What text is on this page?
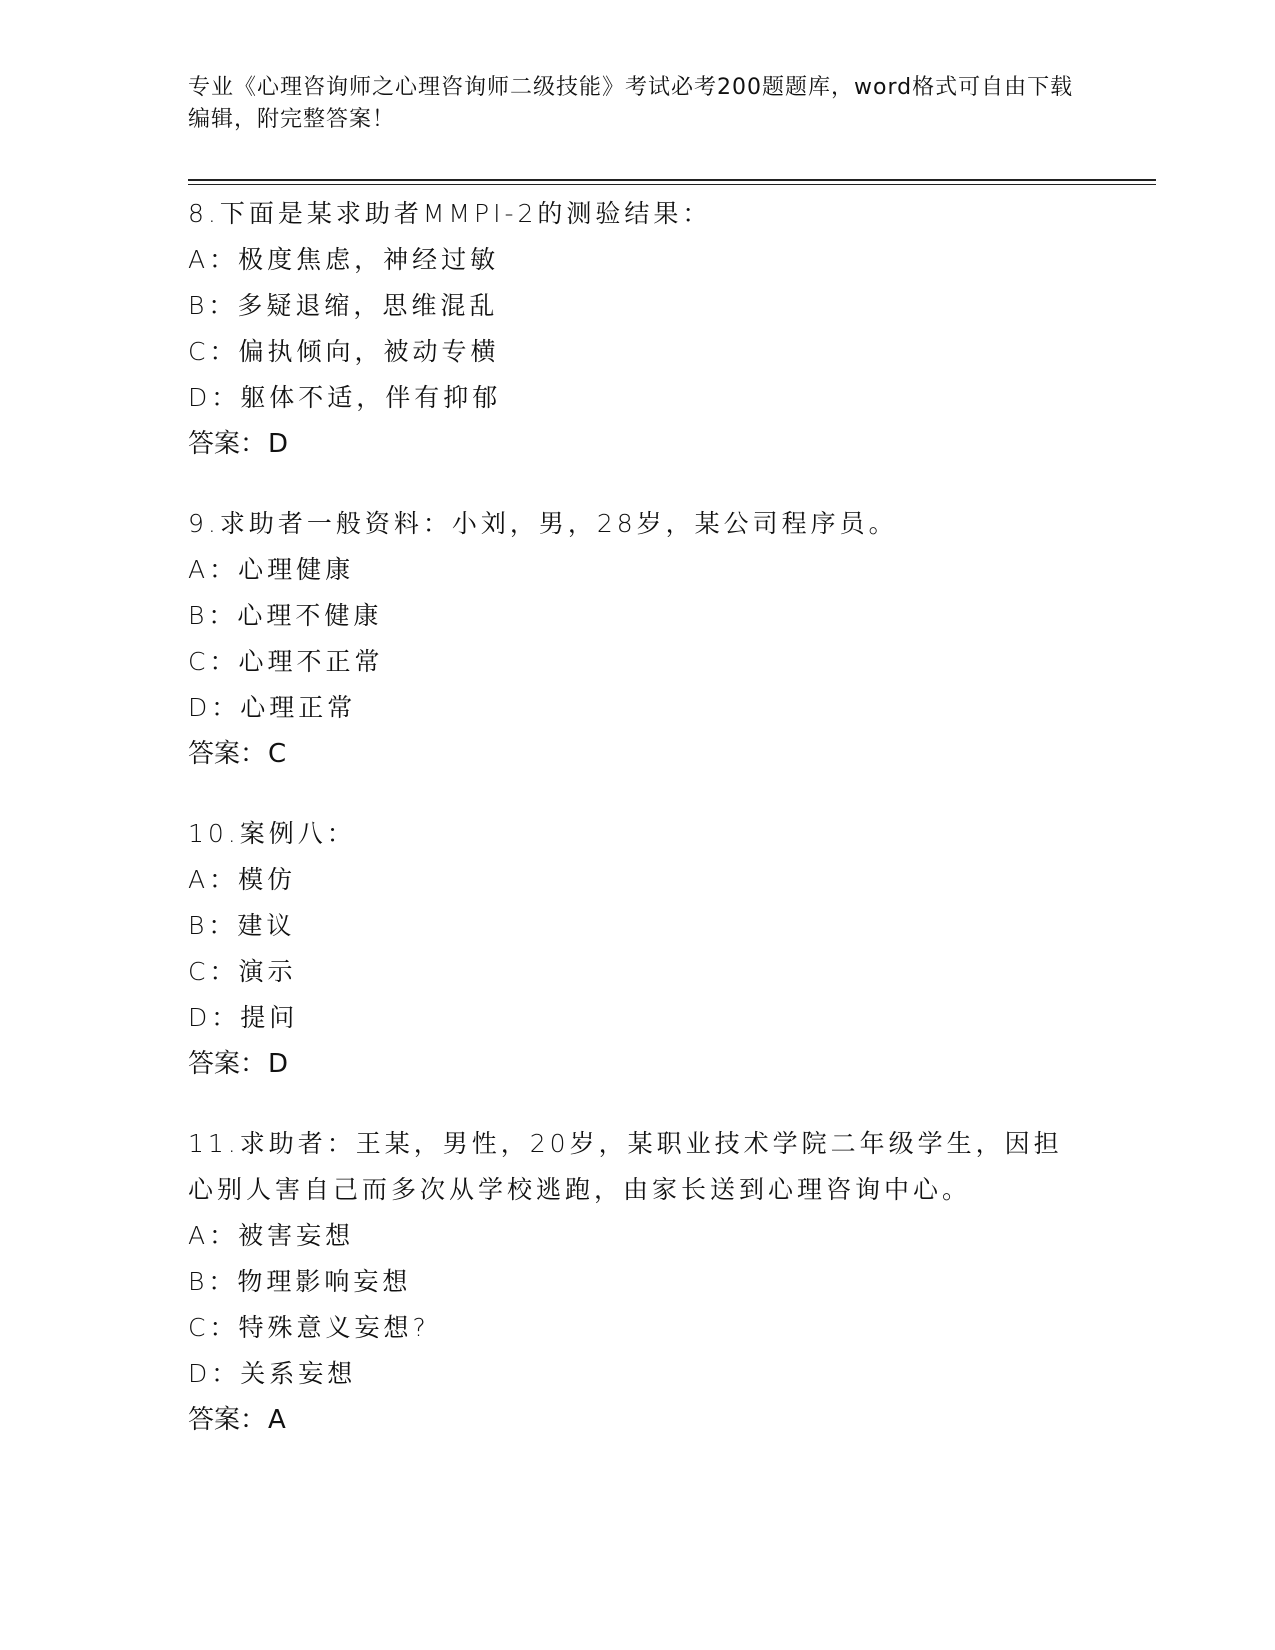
专业《心理咨询师之心理咨询师二级技能》考试必考200题题库，word格式可自由下载编辑，附完整答案！
8.下面是某求助者MMPI-2的测验结果：
A：极度焦虑，神经过敏
B：多疑退缩，思维混乱
C：偏执倾向，被动专横
D：躯体不适，伴有抑郁
答案：D
9.求助者一般资料：小刘，男，28岁，某公司程序员。
A：心理健康
B：心理不健康
C：心理不正常
D：心理正常
答案：C
10.案例八：
A：模仿
B：建议
C：演示
D：提问
答案：D
11.求助者：王某，男性，20岁，某职业技术学院二年级学生，因担心别人害自己而多次从学校逃跑，由家长送到心理咨询中心。
A：被害妄想
B：物理影响妄想
C：特殊意义妄想?
D：关系妄想
答案：A
